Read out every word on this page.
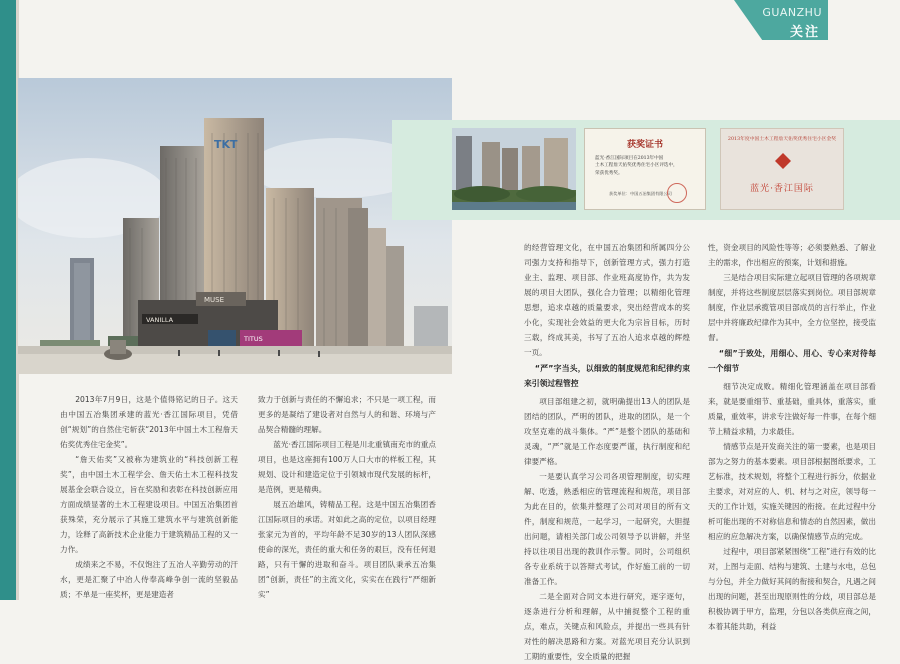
GUANZHU
关注
TKT
MUSE
VANILLA
TITUS
获奖证书
蓝光·香江国际项目在2013年中国
土木工程詹天佑奖优秀住宅小区评选中，
荣获优秀奖。
获奖单位：中国五冶集团有限公司
2013年度中国土木工程詹天佑奖优秀住宅小区金奖
蓝光·香江国际

2013年7月9日，这是个值得铭记的日子。这天由中国五冶集团承建的蓝光·香江国际项目，凭借创“规划”的自然住宅斩获“2013年中国土木工程詹天佑奖优秀住宅金奖”。

“詹天佑奖”又被称为建筑业的“科技创新工程奖”，由中国土木工程学会、詹天佑土木工程科技发展基金会联合设立，旨在奖励和表彰在科技创新应用方面成绩显著的土木工程建设项目。中国五冶集团首获殊荣，充分展示了其施工建筑水平与建筑创新能力，诠释了高新技术企业能力于建筑精品工程的又一力作。

成绩来之不易，不仅饱注了五冶人辛勤劳动的汗水，更是汇聚了中冶人侍奉高峰争创一流的坚毅品质；不单是一座奖杯，更是建造者

致力于创新与责任的不懈追求；不只是一项工程，而更多的是凝结了建设者对自然与人的和谐、环境与产品契合精髓的理解。

蓝光·香江国际项目工程是川北重镇南充市的重点项目，也是这座拥有100万人口大市的样板工程，其规划、设计和建造定位于引领城市现代发展的标杆，是范例，更是精典。

展五冶雄风，铸精品工程。这是中国五冶集团香江国际项目的承诺。对如此之高的定位，以项目经理张家元为首的，平均年龄不足30岁的13人团队深感使命的深光，责任的重大和任务的艰巨，没有任何退路，只有干懈的进取和奋斗。项目团队秉承五冶集团“创新，责任”的主流文化，实实在在践行“严细新实”

的经营管理文化，在中国五冶集团和所属四分公司强力支持和指导下，创新管理方式，强力打造业主、监理、项目部、作业班高度协作，共为发展的项目大团队，强化合力管理；以精细化管理思想，追求卓越的质量要求，突出经营成本的奖小化，实现社会效益的更大化为宗旨目标，历时三载，终成其美，书写了五冶人追求卓越的辉煌一页。

“严”字当头，以细致的制度规范和纪律约束来引领过程管控

项目部组建之初，就明确提出13人的团队是团结的团队，严明的团队，进取的团队，是一个攻坚克难的战斗集体。“严”是整个团队的基础和灵魂，“严”就是工作态度要严谨，执行制度和纪律要严格。

一是要认真学习公司各项管理制度，切实理解、吃透，熟悉相应的管理流程和规范，项目部为此在目的，依集并整理了公司对项目的所有文件，制度和规范，一起学习，一起研究，大胆提出问题，请相关部门或公司领导予以讲解，并坚持以往项目出现的教训作示警。同时，公司组织各专业系统于以答辩式考试，作好施工前的一切准备工作。

二是全面对合同文本进行研究，逐字逐句，逐条进行分析和理解，从中捕捉整个工程的重点，难点，关键点和风险点，并提出一些具有针对性的解决思路和方案。对蓝光项目充分认识到工期的重要性，安全质量的把握

性，资金项目的风险性等等；必须要熟悉、了解业主的需求，作出相应的预案，计划和措施。

三是结合项目实际建立起项目管理的各项规章制度，并将这些制度层层落实到岗位。项目部规章制度，作业层承揽管项目部成员的言行举止，作业层中并将廉政纪律作为其中，全方位坚控，接受监督。

“细”于致处，用细心、用心、专心来对待每一个细节

细节决定成败。精细化管理涵盖在项目部看来，就是要重细节、重基础，重具体，重落实，重质量，重效率，讲求专注做好每一件事，在每个细节上精益求精，力求最佳。

情感节点是开发商关注的第一要素，也是项目部为之努力的基本要素。项目部根据图纸要求，工艺标准，技术规划，将整个工程进行拆分，依据业主要求，对对应的人、机、材与之对应，领导每一天的工作计划，实施关键因的衔接。在此过程中分析可能出现的不对称信息和情态的自然因素，做出相应的应急解决方案，以确保情感节点的完成。

过程中，项目部紧紧围绕“工程”进行有效的比对，上图与走面、结构与建筑、土建与水电，总包与分包，并全力做好其间的衔接和契合，凡遇之间出现的问题，甚至出现原则性的分歧，项目部总是积极协调于甲方，监理，分包以各类供应商之间，本着其能共助，利益
